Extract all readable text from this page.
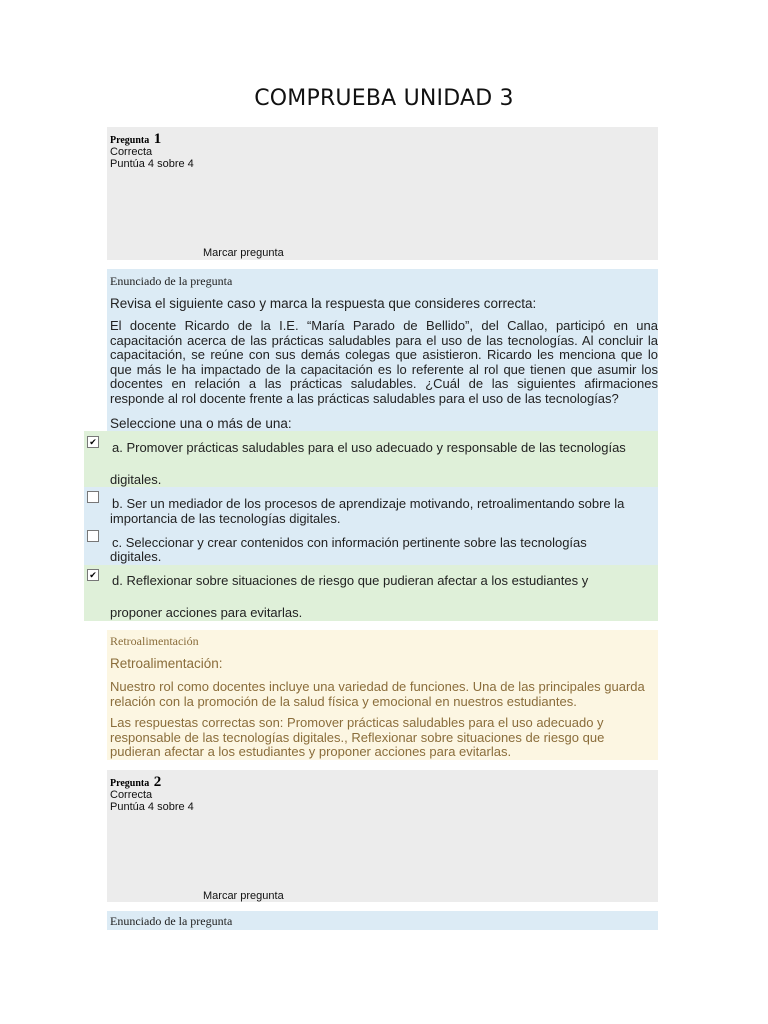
COMPRUEBA UNIDAD 3
Pregunta 1
Correcta
Puntúa 4 sobre 4
Marcar pregunta
Enunciado de la pregunta
Revisa el siguiente caso y marca la respuesta que consideres correcta:
El docente Ricardo de la I.E. “María Parado de Bellido”, del Callao, participó en una capacitación acerca de las prácticas saludables para el uso de las tecnologías. Al concluir la capacitación, se reúne con sus demás colegas que asistieron. Ricardo les menciona que lo que más le ha impactado de la capacitación es lo referente al rol que tienen que asumir los docentes en relación a las prácticas saludables. ¿Cuál de las siguientes afirmaciones responde al rol docente frente a las prácticas saludables para el uso de las tecnologías?
Seleccione una o más de una:
✔ a. Promover prácticas saludables para el uso adecuado y responsable de las tecnologías
digitales.
b. Ser un mediador de los procesos de aprendizaje motivando, retroalimentando sobre la
importancia de las tecnologías digitales.
c. Seleccionar y crear contenidos con información pertinente sobre las tecnologías
digitales.
✔ d. Reflexionar sobre situaciones de riesgo que pudieran afectar a los estudiantes y
proponer acciones para evitarlas.
Retroalimentación
Retroalimentación:
Nuestro rol como docentes incluye una variedad de funciones. Una de las principales guarda relación con la promoción de la salud física y emocional en nuestros estudiantes.
Las respuestas correctas son: Promover prácticas saludables para el uso adecuado y responsable de las tecnologías digitales., Reflexionar sobre situaciones de riesgo que pudieran afectar a los estudiantes y proponer acciones para evitarlas.
Pregunta 2
Correcta
Puntúa 4 sobre 4
Marcar pregunta
Enunciado de la pregunta
